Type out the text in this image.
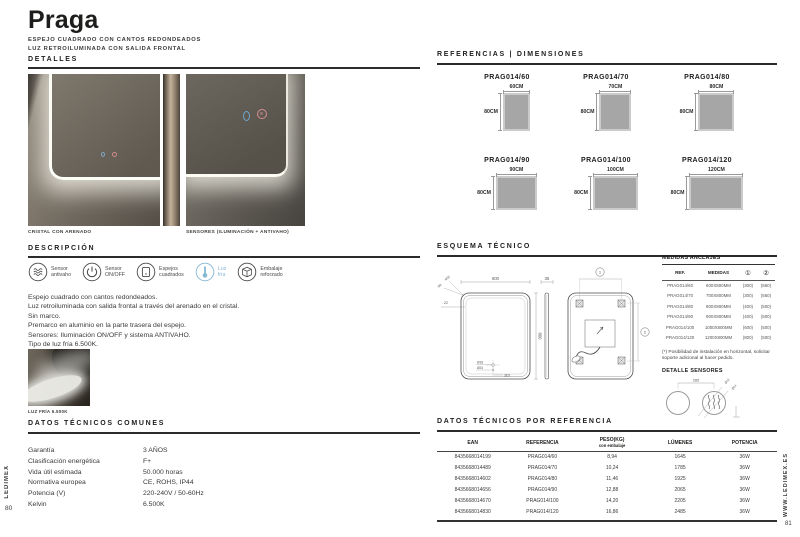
Praga
ESPEJO CUADRADO CON CANTOS REDONDEADOS
LUZ RETROILUMINADA CON SALIDA FRONTAL
DETALLES
≋
CRISTAL CON ARENADO	SENSORES (ILUMINACIÓN + ANTIVAHO)
DESCRIPCIÓN
Sensor
antivaho
Sensor
ON/OFF
Espejos
cuadrados
Luz
fría
Embalaje
reforzado
Espejo cuadrado con cantos redondeados.
Luz retroiluminada con salida frontal a través del arenado en el cristal.
Sin marco.
Premarco en aluminio en la parte trasera del espejo.
Sensores: Iluminación ON/OFF y sistema ANTIVAHO.
Tipo de luz fría 6.500K.
LUZ FRÍA 6.500K
DATOS TÉCNICOS COMUNES
Garantía	3 AÑOS
Clasificación energética	F+
Vida útil estimada	50.000 horas
Normativa europea	CE, ROHS, IP44
Potencia (V)	220-240V / 50-60Hz
Kelvin	6.500K
LEDIMEX
80
REFERENCIAS | DIMENSIONES
PRAG014/60
80CM
60CM
PRAG014/70
80CM
70CM
PRAG014/80
80CM
80CM
PRAG014/90
80CM
90CM
PRAG014/100
80CM
100CM
PRAG014/120
80CM
120CM
ESQUEMA TÉCNICO
600
800
22
R50
R9
Ø18
Ø24
38.5
35
1
2
MEDIDAS ANCLAJES
REF.	MEDIDAS	①	②
PRAG014/60	600X800MM	(300)	(560)
PRAG014/70	700X800MM	(300)	(560)
PRAG014/80	800X800MM	(400)	(500)
PRAG014/90	900X800MM	(400)	(500)
PRAG014/100	1000X800MM	(600)	(500)
PRAG014/120	1200X800MM	(800)	(500)
(*) Posibilidad de instalación en horizontal, solicitar soporte adicional al hacer pedido.
DETALLE SENSORES
265	Ø18
Ø24
DATOS TÉCNICOS POR REFERENCIA
EAN	REFERENCIA	PESO(KG)
con embalaje	LÚMENES	POTENCIA
8435668014199	PRAG014/60	8,94	1645	36W
8435668014489	PRAG014/70	10,24	1785	36W
8435668014602	PRAG014/80	11,46	1925	36W
8435668014656	PRAG014/90	12,88	2065	36W
8435668014670	PRAG014/100	14,20	2205	36W
8435668014830	PRAG014/120	16,86	2485	36W	WWW.LEDIMEX.ES
81
